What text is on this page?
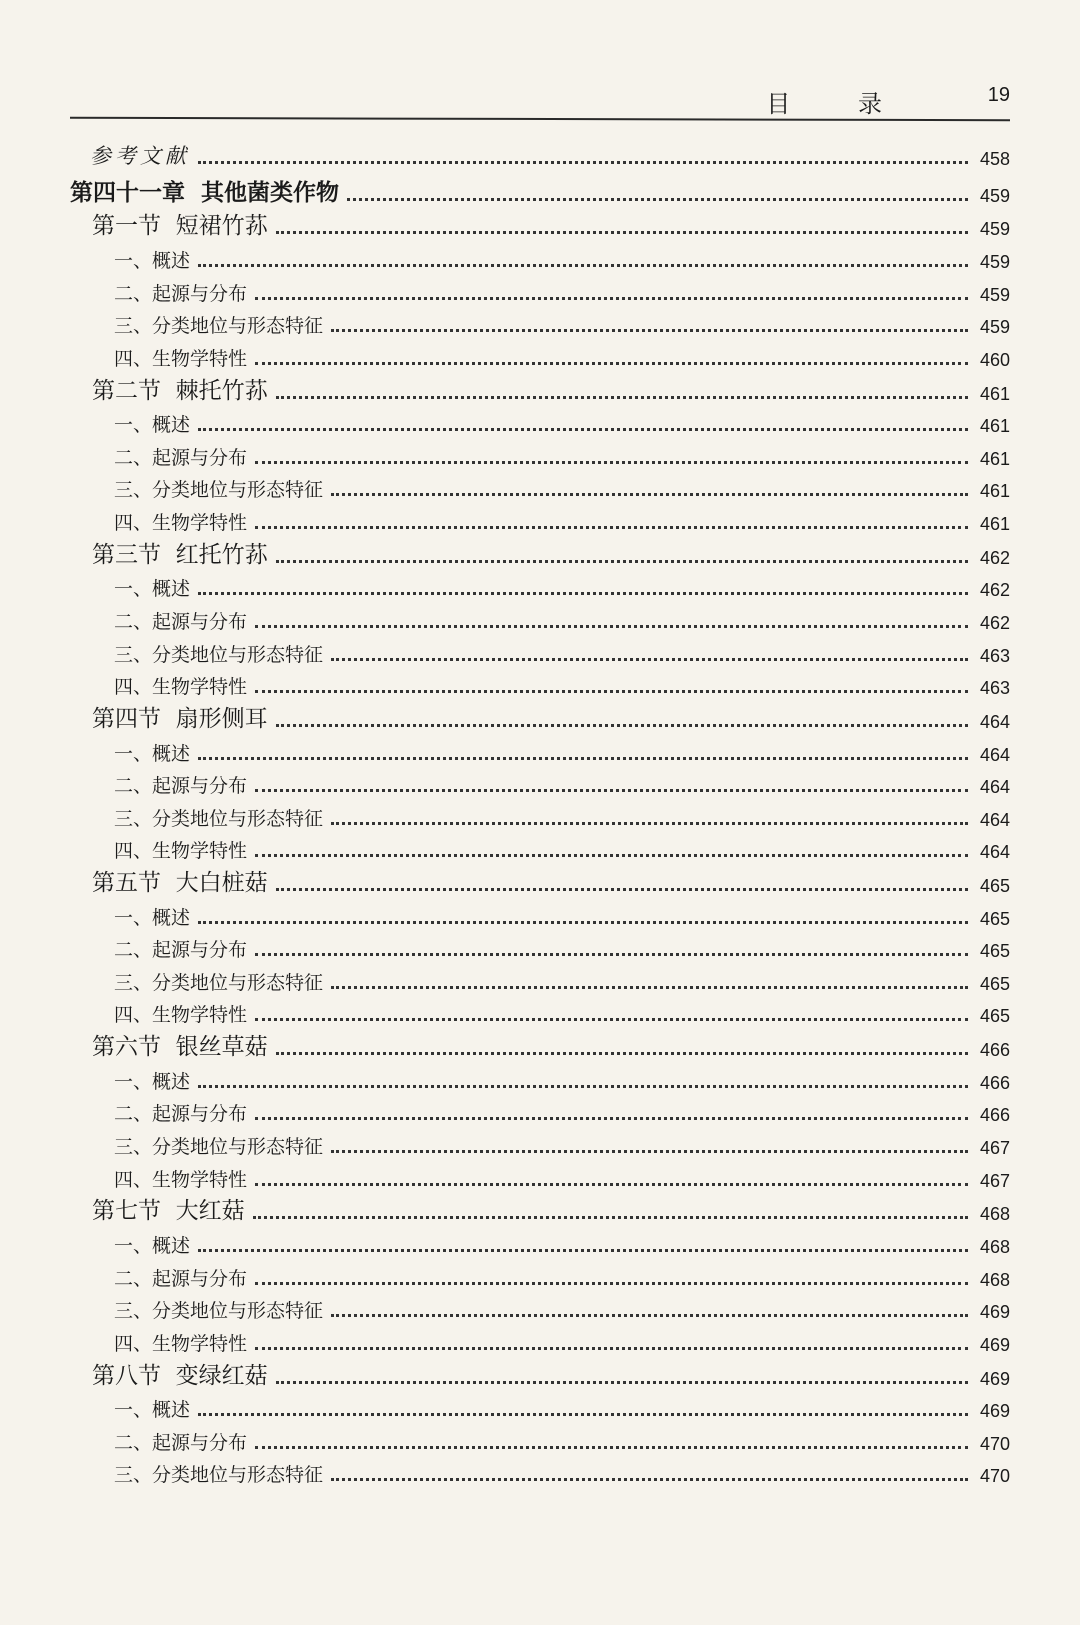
目 录	19
参考文献	458
第四十一章  其他菌类作物	459
第一节  短裙竹荪	459
一、概述	459
二、起源与分布	459
三、分类地位与形态特征	459
四、生物学特性	460
第二节  棘托竹荪	461
一、概述	461
二、起源与分布	461
三、分类地位与形态特征	461
四、生物学特性	461
第三节  红托竹荪	462
一、概述	462
二、起源与分布	462
三、分类地位与形态特征	463
四、生物学特性	463
第四节  扇形侧耳	464
一、概述	464
二、起源与分布	464
三、分类地位与形态特征	464
四、生物学特性	464
第五节  大白桩菇	465
一、概述	465
二、起源与分布	465
三、分类地位与形态特征	465
四、生物学特性	465
第六节  银丝草菇	466
一、概述	466
二、起源与分布	466
三、分类地位与形态特征	467
四、生物学特性	467
第七节  大红菇	468
一、概述	468
二、起源与分布	468
三、分类地位与形态特征	469
四、生物学特性	469
第八节  变绿红菇	469
一、概述	469
二、起源与分布	470
三、分类地位与形态特征	470
